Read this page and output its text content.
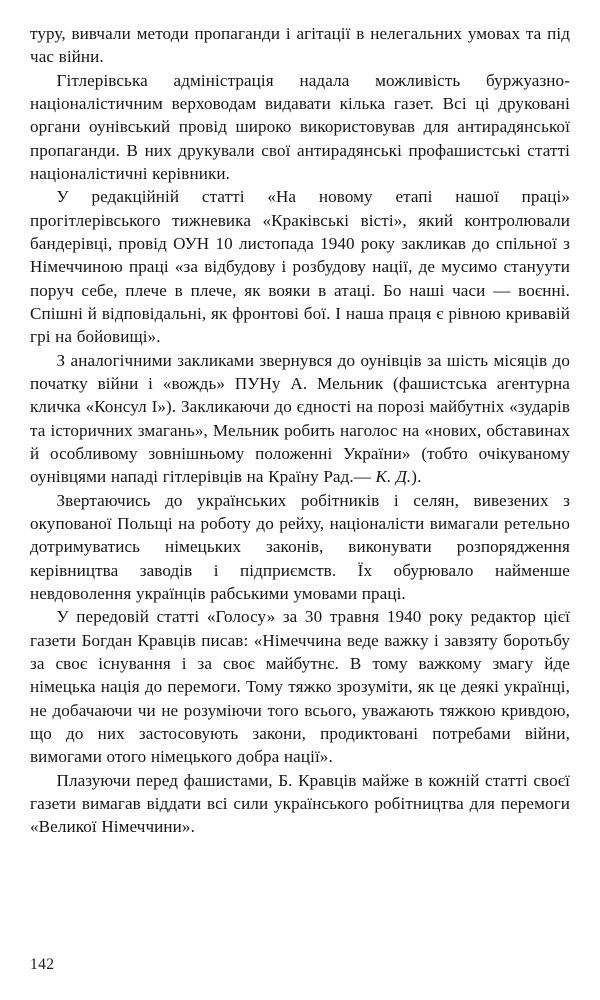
туру, вивчали методи пропаганди і агітації в нелегальних умовах та під час війни.

Гітлерівська адміністрація надала можливість буржуазно-націоналістичним верховодам видавати кілька газет. Всі ці друковані органи оунівський провід широко використовував для антирадянської пропаганди. В них друкували свої антирадянські профашистські статті націоналістичні керівники.

У редакційній статті «На новому етапі нашої праці» прогітлерівського тижневика «Краківські вісті», який контролювали бандерівці, провід ОУН 10 листопада 1940 року закликав до спільної з Німеччиною праці «за відбудову і розбудову нації, де мусимо стануути поруч себе, плече в плече, як вояки в атаці. Бо наші часи — воєнні. Спішні й відповідальні, як фронтові бої. І наша праця є рівною кривавій грі на бойовищі».

З аналогічними закликами звернувся до оунівців за шість місяців до початку війни і «вождь» ПУНу А. Мельник (фашистська агентурна кличка «Консул І»). Закликаючи до єдності на порозі майбутніх «зударів та історичних змагань», Мельник робить наголос на «нових, обставинах й особливому зовнішньому положенні України» (тобто очікуваному оунівцями нападі гітлерівців на Країну Рад.— К. Д.).

Звертаючись до українських робітників і селян, вивезених з окупованої Польщі на роботу до рейху, націоналісти вимагали ретельно дотримуватись німецьких законів, виконувати розпорядження керівництва заводів і підприємств. Їх обурювало найменше невдоволення українців рабськими умовами праці.

У передовій статті «Голосу» за 30 травня 1940 року редактор цієї газети Богдан Кравців писав: «Німеччина веде важку і завзяту боротьбу за своє існування і за своє майбутнє. В тому важкому змагу йде німецька нація до перемоги. Тому тяжко зрозуміти, як це деякі українці, не добачаючи чи не розуміючи того всього, уважають тяжкою кривдою, що до них застосовують закони, продиктовані потребами війни, вимогами отого німецького добра нації».

Плазуючи перед фашистами, Б. Кравців майже в кожній статті своєї газети вимагав віддати всі сили українського робітництва для перемоги «Великої Німеччини».

142
